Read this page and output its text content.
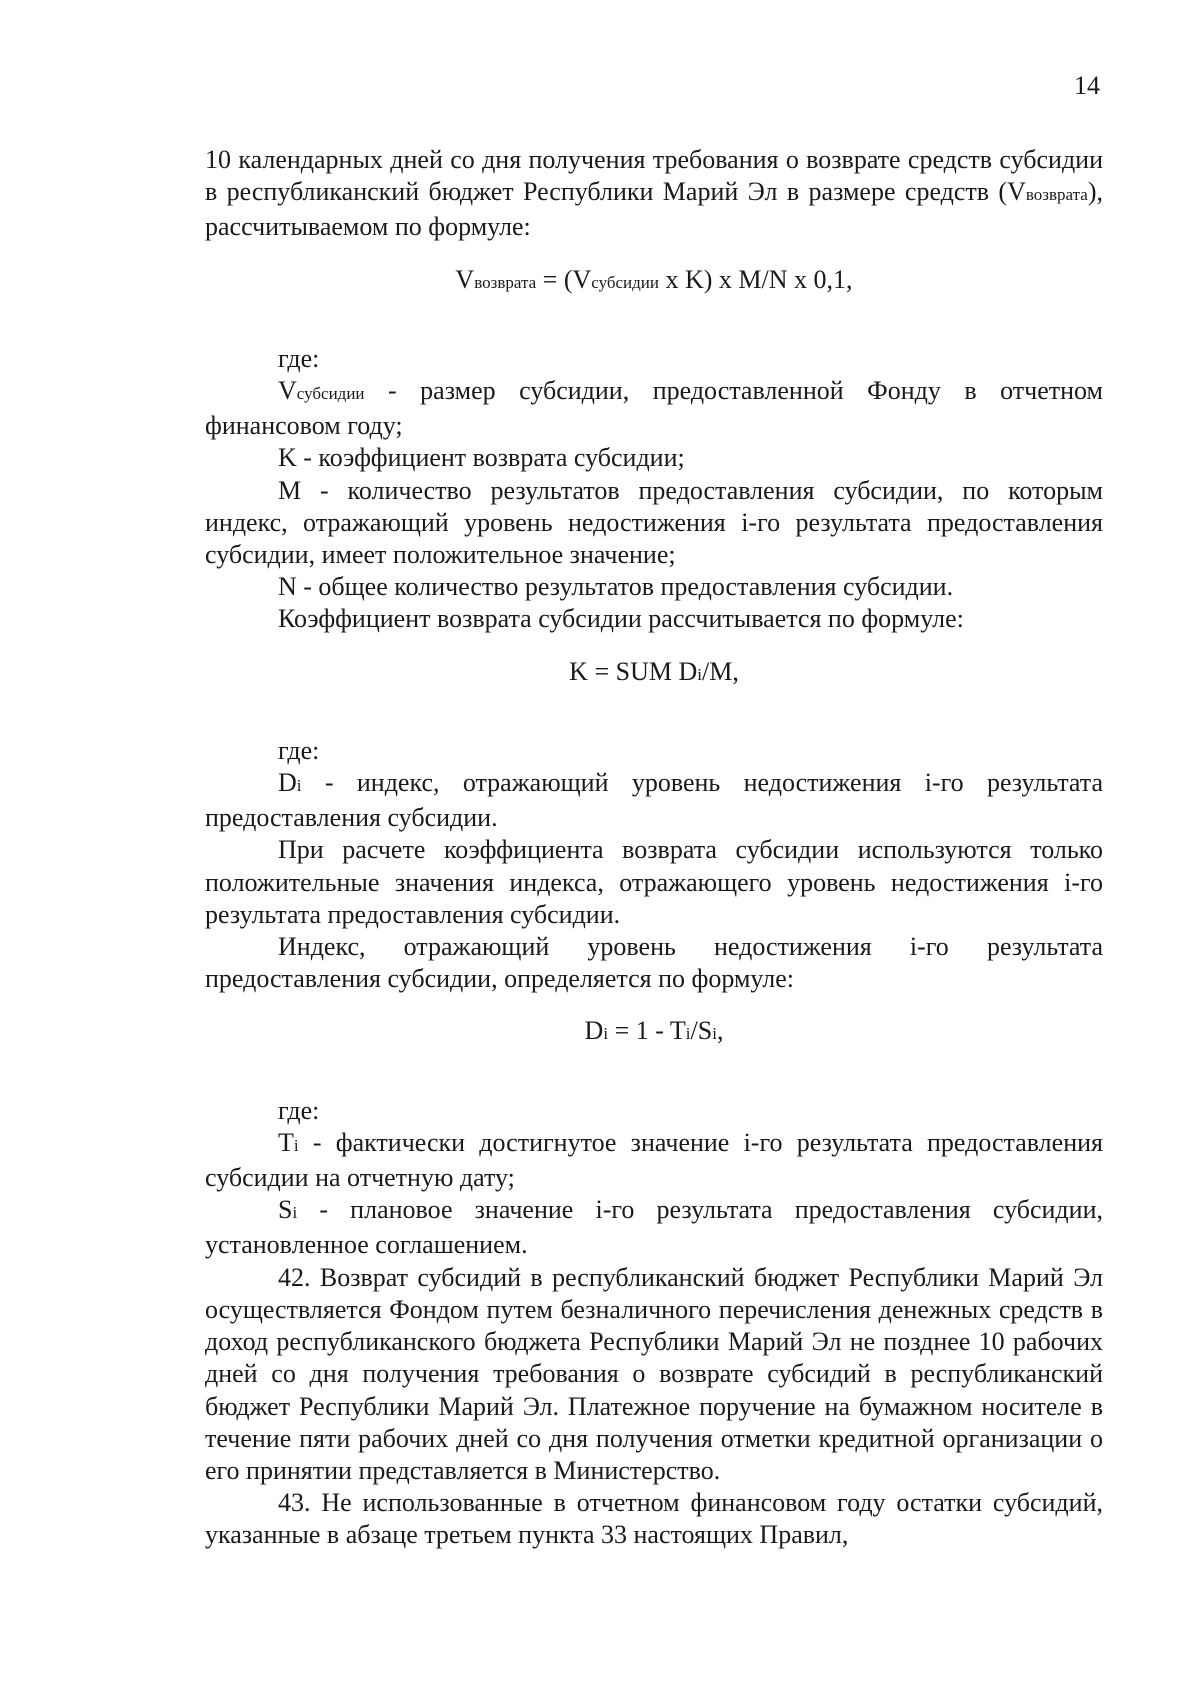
14

10 календарных дней со дня получения требования о возврате средств субсидии в республиканский бюджет Республики Марий Эл в размере средств (Vвозврата), рассчитываемом по формуле:

Vвозврата = (Vсубсидии x K) x M/N x 0,1,

где:

Vсубсидии - размер субсидии, предоставленной Фонду в отчетном финансовом году;

K - коэффициент возврата субсидии;

M - количество результатов предоставления субсидии, по которым индекс, отражающий уровень недостижения i-го результата предоставления субсидии, имеет положительное значение;

N - общее количество результатов предоставления субсидии.

Коэффициент возврата субсидии рассчитывается по формуле:

K = SUM Di/M,

где:

Di - индекс, отражающий уровень недостижения i-го результата предоставления субсидии.

При расчете коэффициента возврата субсидии используются только положительные значения индекса, отражающего уровень недостижения i-го результата предоставления субсидии.

Индекс, отражающий уровень недостижения i-го результата предоставления субсидии, определяется по формуле:

Di = 1 - Ti/Si,

где:

Ti - фактически достигнутое значение i-го результата предоставления субсидии на отчетную дату;

Si - плановое значение i-го результата предоставления субсидии, установленное соглашением.

42. Возврат субсидий в республиканский бюджет Республики Марий Эл осуществляется Фондом путем безналичного перечисления денежных средств в доход республиканского бюджета Республики Марий Эл не позднее 10 рабочих дней со дня получения требования о возврате субсидий в республиканский бюджет Республики Марий Эл. Платежное поручение на бумажном носителе в течение пяти рабочих дней со дня получения отметки кредитной организации о его принятии представляется в Министерство.

43. Не использованные в отчетном финансовом году остатки субсидий, указанные в абзаце третьем пункта 33 настоящих Правил,
